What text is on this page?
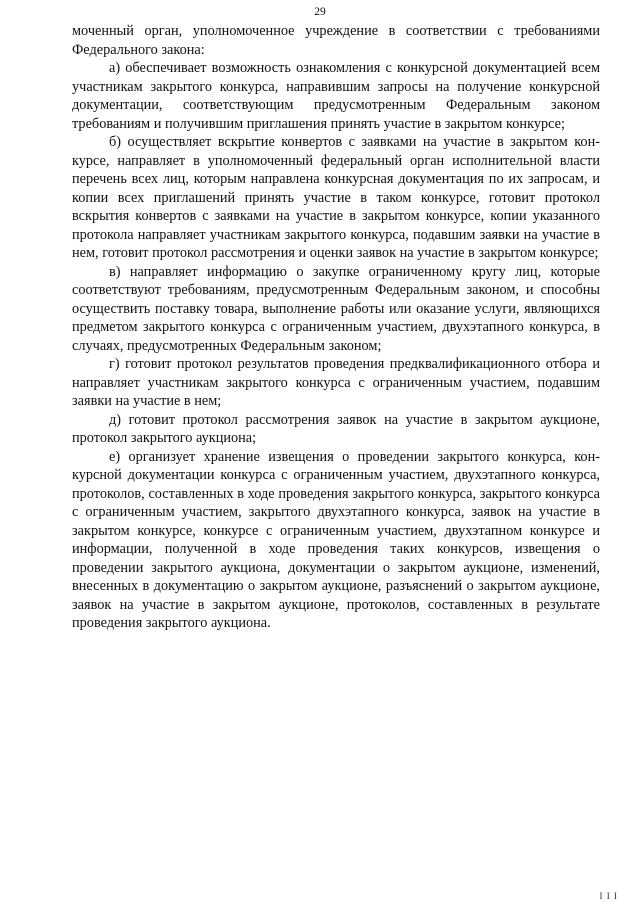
29

моченный орган, уполномоченное учреждение в соответствии с требованиями Федерального закона:

а) обеспечивает возможность ознакомления с конкурсной документацией всем участникам закрытого конкурса, направившим запросы на получение конкурсной документации, соответствующим предусмотренным Федеральным законом требованиям и получившим приглашения принять участие в закрытом конкурсе;

б) осуществляет вскрытие конвертов с заявками на участие в закрытом конкурсе, направляет в уполномоченный федеральный орган исполнительной власти перечень всех лиц, которым направлена конкурсная документация по их запросам, и копии всех приглашений принять участие в таком конкурсе, готовит протокол вскрытия конвертов с заявками на участие в закрытом конкурсе, копии указанного протокола направляет участникам закрытого конкурса, подавшим заявки на участие в нем, готовит протокол рассмотрения и оценки заявок на участие в закрытом конкурсе;

в) направляет информацию о закупке ограниченному кругу лиц, которые соответствуют требованиям, предусмотренным Федеральным законом, и способны осуществить поставку товара, выполнение работы или оказание услуги, являющихся предметом закрытого конкурса с ограниченным участием, двухэтапного конкурса, в случаях, предусмотренных Федеральным законом;

г) готовит протокол результатов проведения предквалификационного отбора и направляет участникам закрытого конкурса с ограниченным участием, подавшим заявки на участие в нем;

д) готовит протокол рассмотрения заявок на участие в закрытом аукционе, протокол закрытого аукциона;

е) организует хранение извещения о проведении закрытого конкурса, конкурсной документации конкурса с ограниченным участием, двухэтапного конкурса, протоколов, составленных в ходе проведения закрытого конкурса, закрытого конкурса с ограниченным участием, закрытого двухэтапного конкурса, заявок на участие в закрытом конкурсе, конкурсе с ограниченным участием, двухэтапном конкурсе и информации, полученной в ходе проведения таких конкурсов, извещения о проведении закрытого аукциона, документации о закрытом аукционе, изменений, внесенных в документацию о закрытом аукционе, разъяснений о закрытом аукционе, заявок на участие в закрытом аукционе, протоколов, составленных в результате проведения закрытого аукциона.

I I I
